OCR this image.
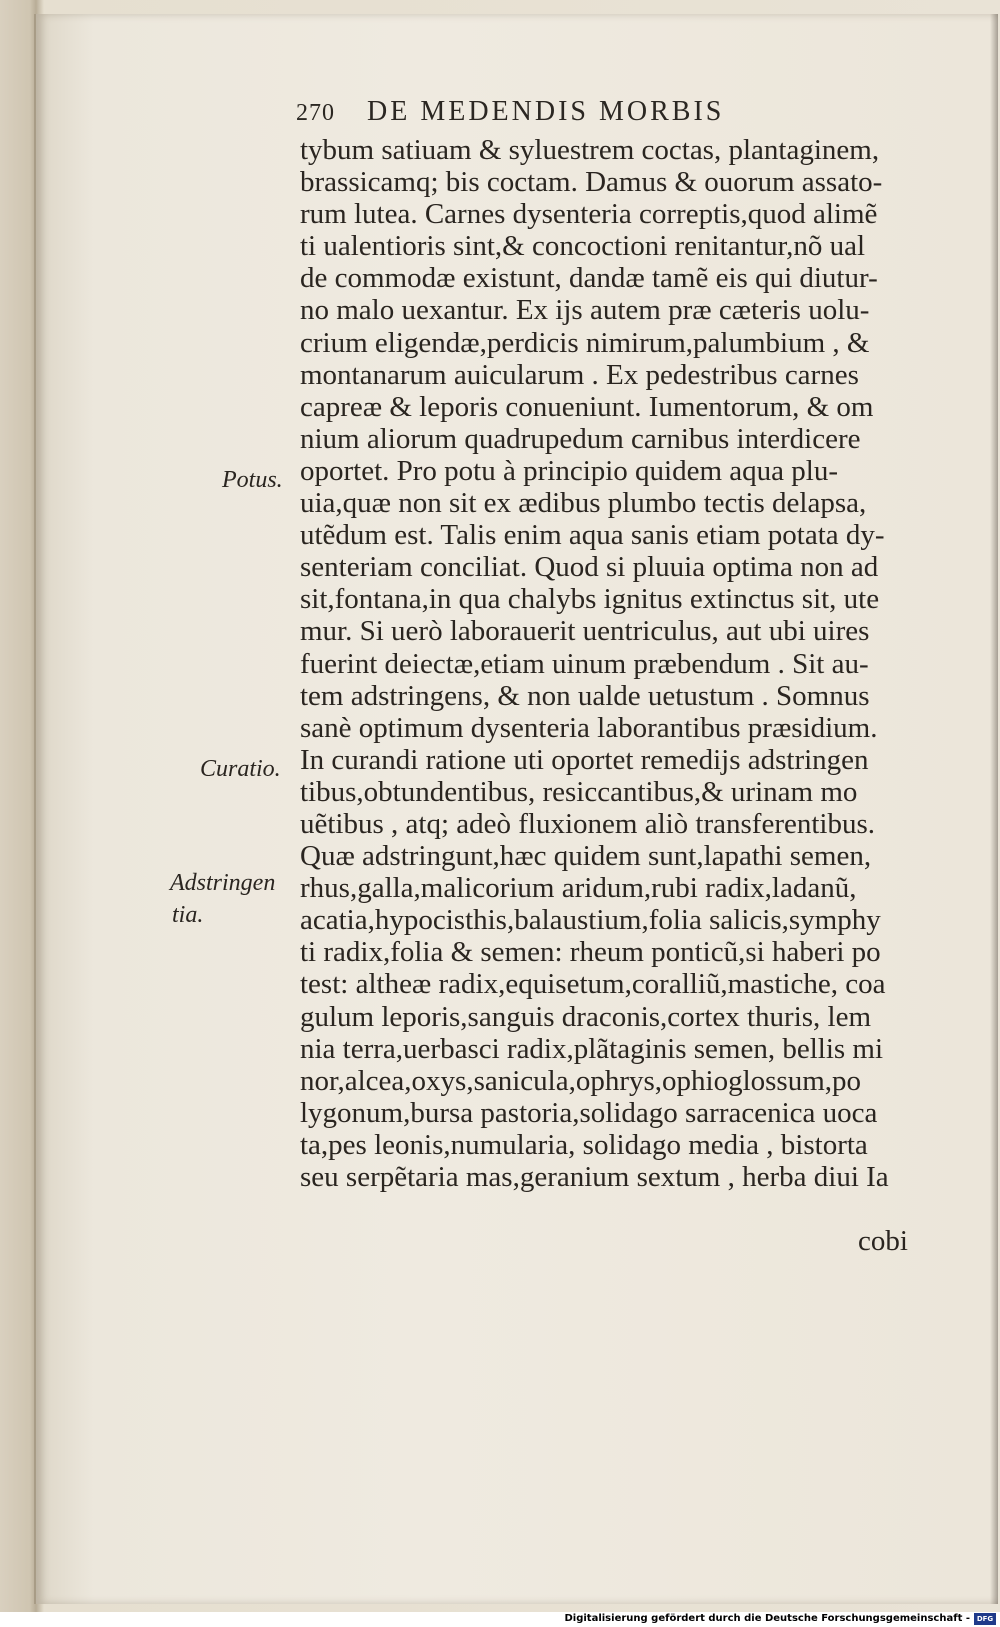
270 DE MEDENDIS MORBIS
tybum satiuam & syluestrem coctas, plantaginem,
brassicamq; bis coctam. Damus & ouorum assato-
rum lutea. Carnes dysenteria correptis,quod alimẽ
ti ualentioris sint,& concoctioni renitantur,nõ ual
de commodæ existunt, dandæ tamẽ eis qui diutur-
no malo uexantur. Ex ijs autem præ cæteris uolu-
crium eligendæ,perdicis nimirum,palumbium , &
montanarum auicularum . Ex pedestribus carnes
capreæ & leporis conueniunt. Iumentorum, & om
nium aliorum quadrupedum carnibus interdicere
oportet. Pro potu à principio quidem aqua plu-
uia,quæ non sit ex ædibus plumbo tectis delapsa,
utẽdum est. Talis enim aqua sanis etiam potata dy-
senteriam conciliat. Quod si pluuia optima non ad
sit,fontana,in qua chalybs ignitus extinctus sit, ute
mur. Si uerò laborauerit uentriculus, aut ubi uires
fuerint deiectæ,etiam uinum præbendum . Sit au-
tem adstringens, & non ualde uetustum . Somnus
sanè optimum dysenteria laborantibus præsidium.
In curandi ratione uti oportet remedijs adstringen
tibus,obtundentibus, resiccantibus,& urinam mo
uẽtibus , atq; adeò fluxionem aliò transferentibus.
Quæ adstringunt,hæc quidem sunt,lapathi semen,
rhus,galla,malicorium aridum,rubi radix,ladanũ,
acatia,hypocisthis,balaustium,folia salicis,symphy
ti radix,folia & semen: rheum ponticũ,si haberi po
test: altheæ radix,equisetum,coralliũ,mastiche, coa
gulum leporis,sanguis draconis,cortex thuris, lem
nia terra,uerbasci radix,plãtaginis semen, bellis mi
nor,alcea,oxys,sanicula,ophrys,ophioglossum,po
lygonum,bursa pastoria,solidago sarracenica uoca
ta,pes leonis,numularia, solidago media , bistorta
seu serpẽtaria mas,geranium sextum , herba diui Ia
cobi
Potus.
Curatio.
Adstringen
tia.
Digitalisierung gefördert durch die Deutsche Forschungsgemeinschaft - DFG
